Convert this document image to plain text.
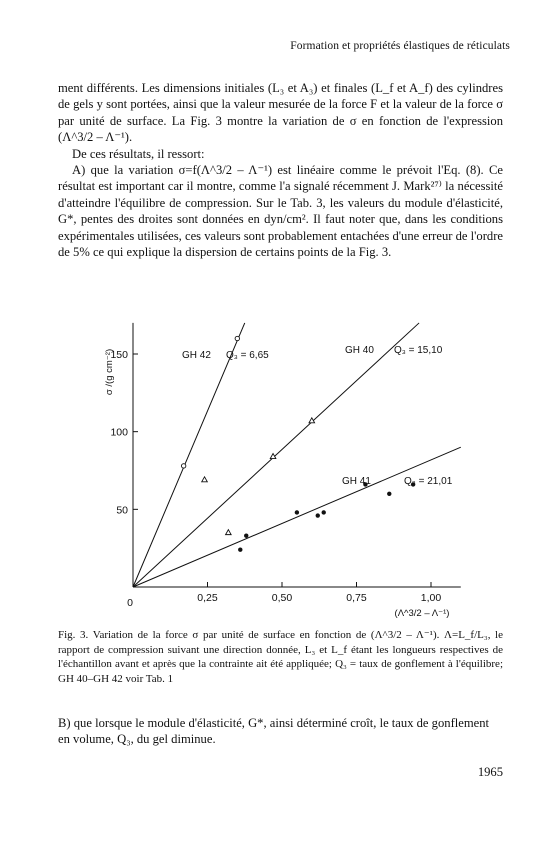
Formation et propriétés élastiques de réticulats

ment différents. Les dimensions initiales (L₃ et A₃) et finales (L_f et A_f) des cylindres de gels y sont portées, ainsi que la valeur mesurée de la force F et la valeur de la force σ par unité de surface. La Fig. 3 montre la variation de σ en fonction de l'expression (Λ^3/2 – Λ⁻¹).

De ces résultats, il ressort:

A) que la variation σ=f(Λ^3/2 – Λ⁻¹) est linéaire comme le prévoit l'Eq. (8). Ce résultat est important car il montre, comme l'a signalé récemment J. Mark²⁷⁾ la nécessité d'atteindre l'équilibre de compression. Sur le Tab. 3, les valeurs du module d'élasticité, G*, pentes des droites sont données en dyn/cm². Il faut noter que, dans les conditions expérimentales utilisées, ces valeurs sont probablement entachées d'une erreur de l'ordre de 5% ce qui explique la dispersion de certains points de la Fig. 3.

σ /(g cm⁻²)
(Λ^3/2 – Λ⁻¹)
0	0,25	0,50	0,75	1,00
50
100
150	GH 42 Q₃ = 6,65	GH 40 Q₃ = 15,10
GH 41	Q₃ = 21,01
Fig. 3. Variation de la force σ par unité de surface en fonction de (Λ^3/2 – Λ⁻¹). Λ=L_f/L₃, le rapport de compression suivant une direction donnée, L₃ et L_f étant les longueurs respectives de l'échantillon avant et après que la contrainte ait été appliquée; Q₃ = taux de gonflement à l'équilibre; GH 40–GH 42 voir Tab. 1
B) que lorsque le module d'élasticité, G*, ainsi déterminé croît, le taux de gonflement en volume, Q₃, du gel diminue.
1965
